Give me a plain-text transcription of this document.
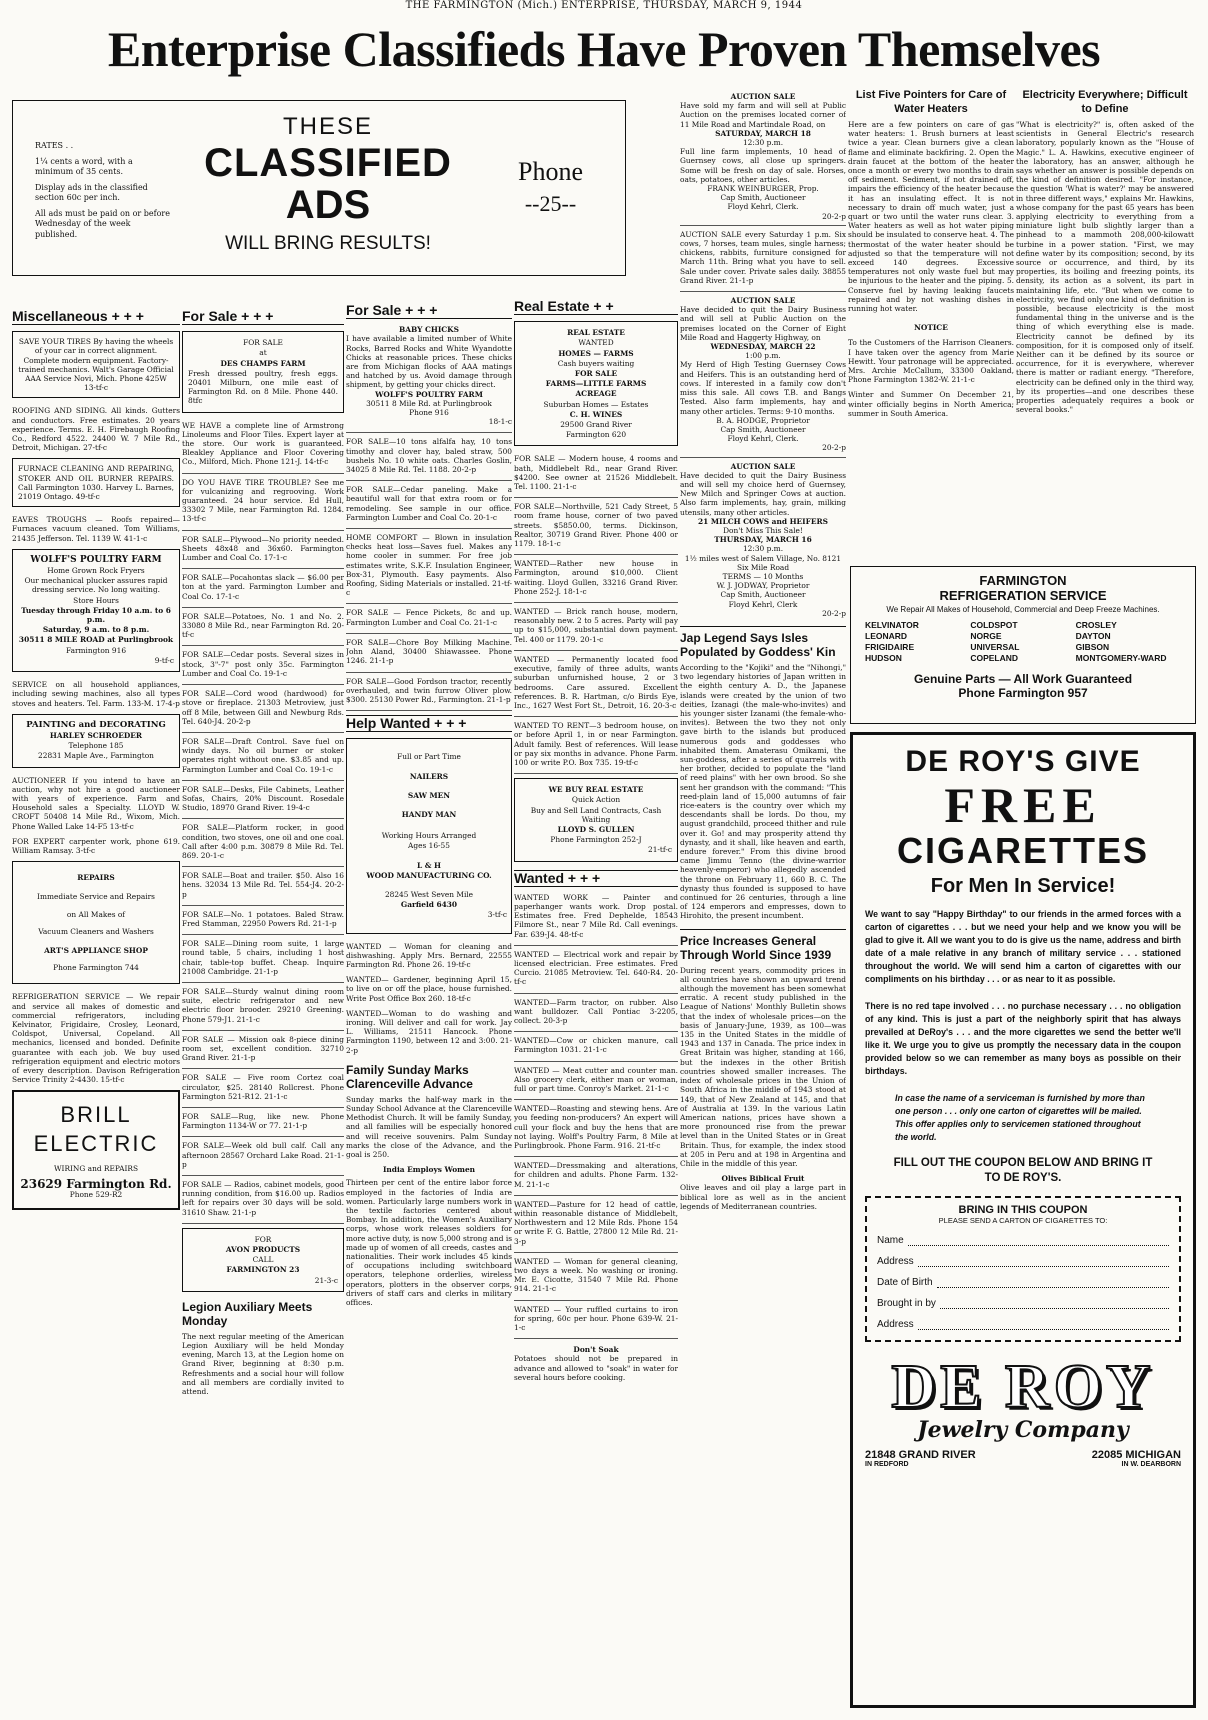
THE FARMINGTON (Mich.) ENTERPRISE, THURSDAY, MARCH 9, 1944
Enterprise Classifieds Have Proven Themselves
RATES . .
1¼ cents a word, with a minimum of 35 cents.
Display ads in the classified section 60c per inch.
All ads must be paid on or before Wednesday of the week published.
THESE
CLASSIFIED
ADS
WILL BRING RESULTS!
Phone
--25--
Miscellaneous + + +
SAVE YOUR TIRES By having the wheels of your car in correct alignment. Complete modern equipment. Factory-trained mechanics. Walt's Garage Official AAA Service Novi, Mich. Phone 425W 13-tf-c

ROOFING AND SIDING. All kinds. Gutters and conductors. Free estimates. 20 years experience. Terms. E. H. Firebaugh Roofing Co., Redford 4522. 24400 W. 7 Mile Rd., Detroit, Michigan. 27-tf-c

FURNACE CLEANING AND REPAIRING, STOKER AND OIL BURNER REPAIRS. Call Farmington 1030. Harvey L. Barnes, 21019 Ontago. 49-tf-c

EAVES TROUGHS — Roofs repaired—Furnaces vacuum cleaned. Tom Williams, 21435 Jefferson. Tel. 1139 W. 41-1-c

WOLFF'S POULTRY FARM
Home Grown Rock Fryers
Our mechanical plucker assures rapid dressing service. No long waiting.
Store Hours
Tuesday through Friday 10 a.m. to 6 p.m.
Saturday, 9 a.m. to 8 p.m.
30511 8 MILE ROAD at Purlingbrook
Farmington 916
9-tf-c

SERVICE on all household appliances, including sewing machines, also all types stoves and heaters. Tel. Farm. 133-M. 17-4-p

PAINTING and DECORATING
HARLEY SCHROEDER
Telephone 185
22831 Maple Ave., Farmington

AUCTIONEER If you intend to have an auction, why not hire a good auctioneer with years of experience. Farm and Household sales a Specialty. LLOYD W. CROFT 50408 14 Mile Rd., Wixom, Mich. Phone Walled Lake 14-F5 13-tf-c

FOR EXPERT carpenter work, phone 619. William Ramsay. 3-tf-c

REPAIRS
Immediate Service and Repairs
on All Makes of
Vacuum Cleaners and Washers
ART'S APPLIANCE SHOP
Phone Farmington 744

REFRIGERATION SERVICE — We repair and service all makes of domestic and commercial refrigerators, including Kelvinator, Frigidaire, Crosley, Leonard, Coldspot, Universal, Copeland. All mechanics, licensed and bonded. Definite guarantee with each job. We buy used refrigeration equipment and electric motors of every description. Davison Refrigeration Service Trinity 2-4430. 15-tf-c

BRILL
ELECTRIC
WIRING and REPAIRS
23629 Farmington Rd.
Phone 529-R2
For Sale + + +
FOR SALE
at
DES CHAMPS FARM
Fresh dressed poultry, fresh eggs. 20401 Milburn, one mile east of Farmington Rd. on 8 Mile. Phone 440. 8tfc

WE HAVE a complete line of Armstrong Linoleums and Floor Tiles. Expert layer at the store. Our work is guaranteed. Bleakley Appliance and Floor Covering Co., Milford, Mich. Phone 121-J. 14-tf-c

DO YOU HAVE TIRE TROUBLE? See me for vulcanizing and regrooving. Work guaranteed. 24 hour service. Ed Hull, 33302 7 Mile, near Farmington Rd. 1284. 13-tf-c

FOR SALE—Plywood—No priority needed. Sheets 48x48 and 36x60. Farmington Lumber and Coal Co. 17-1-c

FOR SALE—Pocahontas slack — $6.00 per ton at the yard. Farmington Lumber and Coal Co. 17-1-c

FOR SALE—Potatoes, No. 1 and No. 2. 33080 8 Mile Rd., near Farmington Rd. 20-tf-c

FOR SALE—Cedar posts. Several sizes in stock, 3"-7" post only 35c. Farmington Lumber and Coal Co. 19-1-c

FOR SALE—Cord wood (hardwood) for stove or fireplace. 21303 Metroview, just off 8 Mile, between Gill and Newburg Rds. Tel. 640-J4. 20-2-p

FOR SALE—Draft Control. Save fuel on windy days. No oil burner or stoker operates right without one. $3.85 and up. Farmington Lumber and Coal Co. 19-1-c

FOR SALE—Desks, File Cabinets, Leather Sofas, Chairs, 20% Discount. Rosedale Studio, 18970 Grand River. 19-4-c

FOR SALE—Platform rocker, in good condition, two stoves, one oil and one coal. Call after 4:00 p.m. 30879 8 Mile Rd. Tel. 869. 20-1-c

FOR SALE—Boat and trailer. $50. Also 16 hens. 32034 13 Mile Rd. Tel. 554-J4. 20-2-p

FOR SALE—No. 1 potatoes. Baled Straw. Fred Stamman, 22950 Powers Rd. 21-1-p

FOR SALE—Dining room suite, 1 large round table, 5 chairs, including 1 host chair, table-top buffet. Cheap. Inquire 21008 Cambridge. 21-1-p

FOR SALE—Sturdy walnut dining room suite, electric refrigerator and new electric floor brooder. 29210 Greening. Phone 579-J1. 21-1-c

FOR SALE — Mission oak 8-piece dining room set, excellent condition. 32710 Grand River. 21-1-p

FOR SALE — Five room Cortez coal circulator, $25. 28140 Rollcrest. Phone Farmington 521-R12. 21-1-c

FOR SALE—Rug, like new. Phone Farmington 1134-W or 77. 21-1-p

FOR SALE—Week old bull calf. Call any afternoon 28567 Orchard Lake Road. 21-1-p

FOR SALE — Radios, cabinet models, good running condition, from $16.00 up. Radios left for repairs over 30 days will be sold. 31610 Shaw. 21-1-p

FOR
AVON PRODUCTS
CALL
FARMINGTON 23
21-3-c
Legion Auxiliary Meets Monday

The next regular meeting of the American Legion Auxiliary will be held Monday evening, March 13, at the Legion home on Grand River, beginning at 8:30 p.m. Refreshments and a social hour will follow and all members are cordially invited to attend.

For Sale + + +
BABY CHICKS
I have available a limited number of White Rocks, Barred Rocks and White Wyandotte Chicks at reasonable prices. These chicks are from Michigan flocks of AAA matings and hatched by us. Avoid damage through shipment, by getting your chicks direct.
WOLFF'S POULTRY FARM
30511 8 Mile Rd. at Purlingbrook
Phone 916
18-1-c

FOR SALE—10 tons alfalfa hay, 10 tons timothy and clover hay, baled straw, 500 bushels No. 10 white oats. Charles Goslin, 34025 8 Mile Rd. Tel. 1188. 20-2-p

FOR SALE—Cedar paneling. Make a beautiful wall for that extra room or for remodeling. See sample in our office. Farmington Lumber and Coal Co. 20-1-c

HOME COMFORT — Blown in insulation checks heat loss—Saves fuel. Makes any home cooler in summer. For free job estimates write, S.K.F. Insulation Engineer, Box-31, Plymouth. Easy payments. Also Roofing, Siding Materials or installed. 21-tf-c

FOR SALE — Fence Pickets, 8c and up. Farmington Lumber and Coal Co. 21-1-c

FOR SALE—Chore Boy Milking Machine. John Aland, 30400 Shiawassee. Phone 1246. 21-1-p

FOR SALE—Good Fordson tractor, recently overhauled, and twin furrow Oliver plow. $300. 25130 Power Rd., Farmington. 21-1-p

Help Wanted + + +
Full or Part Time
NAILERS
SAW MEN
HANDY MAN
Working Hours Arranged
Ages 16-55
L & H
WOOD MANUFACTURING CO.
28245 West Seven Mile
Garfield 6430
3-tf-c

WANTED — Woman for cleaning and dishwashing. Apply Mrs. Bernard, 22555 Farmington Rd. Phone 26. 19-tf-c

WANTED— Gardener, beginning April 15, to live on or off the place, house furnished. Write Post Office Box 260. 18-tf-c

WANTED—Woman to do washing and ironing. Will deliver and call for work. Jay L. Williams, 21511 Hancock. Phone Farmington 1190, between 12 and 3:00. 21-2-p

Family Sunday Marks Clarenceville Advance

Sunday marks the half-way mark in the Sunday School Advance at the Clarenceville Methodist Church. It will be family Sunday, and all families will be especially honored and will receive souvenirs. Palm Sunday marks the close of the Advance, and the goal is 250.

India Employs Women

Thirteen per cent of the entire labor force employed in the factories of India are women. Particularly large numbers work in the textile factories centered about Bombay. In addition, the Women's Auxiliary corps, whose work releases soldiers for more active duty, is now 5,000 strong and is made up of women of all creeds, castes and nationalities. Their work includes 45 kinds of occupations including switchboard operators, telephone orderlies, wireless operators, plotters in the observer corps, drivers of staff cars and clerks in military offices.

Real Estate + +
REAL ESTATE
WANTED
HOMES — FARMS
Cash buyers waiting
FOR SALE
FARMS—LITTLE FARMS
ACREAGE
Suburban Homes — Estates
C. H. WINES
29500 Grand River
Farmington 620

FOR SALE — Modern house, 4 rooms and bath, Middlebelt Rd., near Grand River. $4200. See owner at 21526 Middlebelt. Tel. 1100. 21-1-c

FOR SALE—Northville, 521 Cady Street, 5 room frame house, corner of two paved streets. $5850.00, terms. Dickinson, Realtor, 30719 Grand River. Phone 400 or 1179. 18-1-c

WANTED—Rather new house in Farmington, around $10,000. Client waiting. Lloyd Gullen, 33216 Grand River. Phone 252-J. 18-1-c

WANTED — Brick ranch house, modern, reasonably new. 2 to 5 acres. Party will pay up to $15,000, substantial down payment. Tel. 400 or 1179. 20-1-c

WANTED — Permanently located food executive, family of three adults, wants suburban unfurnished house, 2 or 3 bedrooms. Care assured. Excellent references. B. R. Hartman, c/o Birds Eye, Inc., 1627 West Fort St., Detroit, 16. 20-3-c

WANTED TO RENT—3 bedroom house, on or before April 1, in or near Farmington. Adult family. Best of references. Will lease or pay six months in advance. Phone Farm. 100 or write P.O. Box 735. 19-tf-c

WE BUY REAL ESTATE
Quick Action
Buy and Sell Land Contracts, Cash Waiting
LLOYD S. GULLEN
Phone Farmington 252-J
21-tf-c
Wanted + + +

WANTED WORK — Painter and paperhanger wants work. Drop postal. Estimates free. Fred Dephelde, 18543 Filmore St., near 7 Mile Rd. Call evenings. Far. 639-J4. 48-tf-c

WANTED — Electrical work and repair by licensed electrician. Free estimates. Fred Curcio. 21085 Metroview. Tel. 640-R4. 20-tf-c

WANTED—Farm tractor, on rubber. Also want bulldozer. Call Pontiac 3-2205, collect. 20-3-p

WANTED—Cow or chicken manure, call Farmington 1031. 21-1-c

WANTED — Meat cutter and counter man. Also grocery clerk, either man or woman, full or part time. Conroy's Market. 21-1-c

WANTED—Roasting and stewing hens. Are you feeding non-producers? An expert will cull your flock and buy the hens that are not laying. Wolff's Poultry Farm, 8 Mile at Purlingbrook. Phone Farm. 916. 21-tf-c

WANTED—Dressmaking and alterations, for children and adults. Phone Farm. 132-M. 21-1-c

WANTED—Pasture for 12 head of cattle, within reasonable distance of Middlebelt, Northwestern and 12 Mile Rds. Phone 154 or write F. G. Battle, 27800 12 Mile Rd. 21-3-p

WANTED — Woman for general cleaning, two days a week. No washing or ironing. Mr. E. Cicotte, 31540 7 Mile Rd. Phone 914. 21-1-c

WANTED — Your ruffled curtains to iron for spring, 60c per hour. Phone 639-W. 21-1-c

Don't Soak

Potatoes should not be prepared in advance and allowed to "soak" in water for several hours before cooking.

AUCTION SALE
Have sold my farm and will sell at Public Auction on the premises located corner of 11 Mile Road and Martindale Road, on
SATURDAY, MARCH 18
12:30 p.m.
Full line farm implements, 10 head of Guernsey cows, all close up springers. Some will be fresh on day of sale. Horses, oats, potatoes, other articles.
FRANK WEINBURGER, Prop.
Cap Smith, Auctioneer
Floyd Kehrl, Clerk.
20-2-p

AUCTION SALE every Saturday 1 p.m. Six cows, 7 horses, team mules, single harness; chickens, rabbits, furniture consigned for March 11th. Bring what you have to sell. Sale under cover. Private sales daily. 38855 Grand River. 21-1-p

AUCTION SALE
Have decided to quit the Dairy Business and will sell at Public Auction on the premises located on the Corner of Eight Mile Road and Haggerty Highway, on
WEDNESDAY, MARCH 22
1:00 p.m.
My Herd of High Testing Guernsey Cows and Heifers. This is an outstanding herd of cows. If interested in a family cow don't miss this sale. All cows T.B. and Bangs Tested. Also farm implements, hay and many other articles. Terms: 9-10 months.
B. A. HODGE, Proprietor
Cap Smith, Auctioneer
Floyd Kehrl, Clerk.
20-2-p
AUCTION SALE
Have decided to quit the Dairy Business and will sell my choice herd of Guernsey, New Milch and Springer Cows at auction. Also farm implements, hay, grain, milking utensils, many other articles.
21 MILCH COWS and HEIFERS
Don't Miss This Sale!
THURSDAY, MARCH 16
12:30 p.m.
1½ miles west of Salem Village, No. 8121 Six Mile Road
TERMS — 10 Months
W. J. JODWAY, Proprietor
Cap Smith, Auctioneer
Floyd Kehrl, Clerk
20-2-p
Jap Legend Says Isles Populated by Goddess' Kin

According to the "Kojiki" and the "Nihongi," two legendary histories of Japan written in the eighth century A. D., the Japanese islands were created by the union of two deities, Izanagi (the male-who-invites) and his younger sister Izanami (the female-who-invites). Between the two they not only gave birth to the islands but produced numerous gods and goddesses who inhabited them. Amaterasu Omikami, the sun-goddess, after a series of quarrels with her brother, decided to populate the "land of reed plains" with her own brood. So she sent her grandson with the command: "This reed-plain land of 15,000 autumns of fair rice-eaters is the country over which my descendants shall be lords. Do thou, my august grandchild, proceed thither and rule over it. Go! and may prosperity attend thy dynasty, and it shall, like heaven and earth, endure forever." From this divine brood came Jimmu Tenno (the divine-warrior heavenly-emperor) who allegedly ascended the throne on February 11, 660 B. C. The dynasty thus founded is supposed to have continued for 26 centuries, through a line of 124 emperors and empresses, down to Hirohito, the present incumbent.

Price Increases General Through World Since 1939

During recent years, commodity prices in all countries have shown an upward trend although the movement has been somewhat erratic. A recent study published in the League of Nations' Monthly Bulletin shows that the index of wholesale prices—on the basis of January-June, 1939, as 100—was 135 in the United States in the middle of 1943 and 137 in Canada. The price index in Great Britain was higher, standing at 166, but the indexes in the other British countries showed smaller increases. The index of wholesale prices in the Union of South Africa in the middle of 1943 stood at 149, that of New Zealand at 145, and that of Australia at 139. In the various Latin American nations, prices have shown a more pronounced rise from the prewar level than in the United States or in Great Britain. Thus, for example, the index stood at 205 in Peru and at 198 in Argentina and Chile in the middle of this year.

Olives Biblical Fruit

Olive leaves and oil play a large part in biblical lore as well as in the ancient legends of Mediterranean countries.

List Five Pointers for Care of Water Heaters

Here are a few pointers on care of gas water heaters: 1. Brush burners at least twice a year. Clean burners give a clean flame and eliminate backfiring. 2. Open the drain faucet at the bottom of the heater once a month or every two months to drain off sediment. Sediment, if not drained off, impairs the efficiency of the heater because it has an insulating effect. It is not necessary to drain off much water, just a quart or two until the water runs clear. 3. Water heaters as well as hot water piping should be insulated to conserve heat. 4. The thermostat of the water heater should be adjusted so that the temperature will not exceed 140 degrees. Excessive temperatures not only waste fuel but may be injurious to the heater and the piping. 5. Conserve fuel by having leaking faucets repaired and by not washing dishes in running hot water.

NOTICE

To the Customers of the Harrison Cleaners. I have taken over the agency from Marie Hewitt. Your patronage will be appreciated. Mrs. Archie McCallum, 33300 Oakland, Phone Farmington 1382-W. 21-1-c

Winter and Summer On December 21, winter officially begins in North America; summer in South America.

Electricity Everywhere; Difficult to Define

"What is electricity?" is, often asked of the scientists in General Electric's research laboratory, popularly known as the "House of Magic." L. A. Hawkins, executive engineer of the laboratory, has an answer, although he says whether an answer is possible depends on the kind of definition desired. "For instance, the question 'What is water?' may be answered in three different ways," explains Mr. Hawkins, whose company for the past 65 years has been applying electricity to everything from a miniature light bulb slightly larger than a pinhead to a mammoth 208,000-kilowatt turbine in a power station. "First, we may define water by its composition; second, by its source or occurrence, and third, by its properties, its boiling and freezing points, its density, its action as a solvent, its part in maintaining life, etc. "But when we come to electricity, we find only one kind of definition is possible, because electricity is the most fundamental thing in the universe and is the thing of which everything else is made. Electricity cannot be defined by its composition, for it is composed only of itself. Neither can it be defined by its source or occurrence, for it is everywhere, wherever there is matter or radiant energy. "Therefore, electricity can be defined only in the third way, by its properties—and one describes these properties adequately requires a book or several books."

FARMINGTON
REFRIGERATION SERVICE
We Repair All Makes of Household, Commercial and Deep Freeze Machines.
KELVINATOR	COLDSPOT	CROSLEY
LEONARD	NORGE	DAYTON
FRIGIDAIRE	UNIVERSAL	GIBSON
HUDSON	COPELAND	MONTGOMERY-WARD
Genuine Parts — All Work Guaranteed
Phone Farmington 957
DE ROY'S GIVE
FREE
CIGARETTES
For Men In Service!

We want to say "Happy Birthday" to our friends in the armed forces with a carton of cigarettes . . . but we need your help and we know you will be glad to give it. All we want you to do is give us the name, address and birth date of a male relative in any branch of military service . . . stationed throughout the world. We will send him a carton of cigarettes with our compliments on his birthday . . . or as near to it as possible.

There is no red tape involved . . . no purchase necessary . . . no obligation of any kind. This is just a part of the neighborly spirit that has always prevailed at DeRoy's . . . and the more cigarettes we send the better we'll like it. We urge you to give us promptly the necessary data in the coupon provided below so we can remember as many boys as possible on their birthdays.

In case the name of a serviceman is furnished by more than one person . . . only one carton of cigarettes will be mailed. This offer applies only to servicemen stationed throughout the world.

FILL OUT THE COUPON BELOW AND BRING IT TO DE ROY'S.
BRING IN THIS COUPON
PLEASE SEND A CARTON OF CIGARETTES TO:
Name
Address
Date of Birth
Brought in by
Address
DE ROY
Jewelry Company
21848 GRAND RIVER
IN REDFORD
22085 MICHIGAN
IN W. DEARBORN
